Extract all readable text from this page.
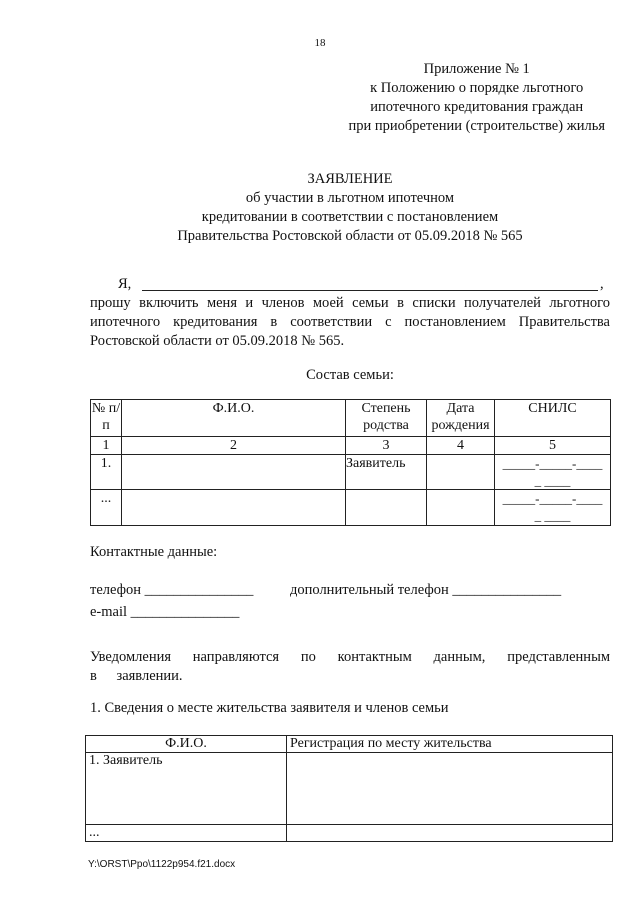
18
Приложение № 1
к Положению о порядке льготного
ипотечного кредитования граждан
при приобретении (строительстве) жилья
ЗАЯВЛЕНИЕ
об участии в льготном ипотечном
кредитовании в соответствии с постановлением
Правительства Ростовской области от 05.09.2018 № 565
Я,	,

прошу включить меня и членов моей семьи в списки получателей льготного ипотечного кредитования в соответствии с постановлением Правительства Ростовской области от 05.09.2018 № 565.

Состав семьи:
№ п/п	Ф.И.О.	Степень родства	Дата рождения	СНИЛС
1	2	3	4	5
1.		Заявитель		_____-_____-_____ ____
...				_____-_____-_____ ____
Контактные данные:
телефон _______________	дополнительный телефон _______________
e-mail _______________
Уведомления направляются по контактным данным, представленным в заявлении.
1. Сведения о месте жительства заявителя и членов семьи
Ф.И.О.	Регистрация по месту жительства
1. Заявитель	
...	
Y:\ORST\Ppo\1122p954.f21.docx
